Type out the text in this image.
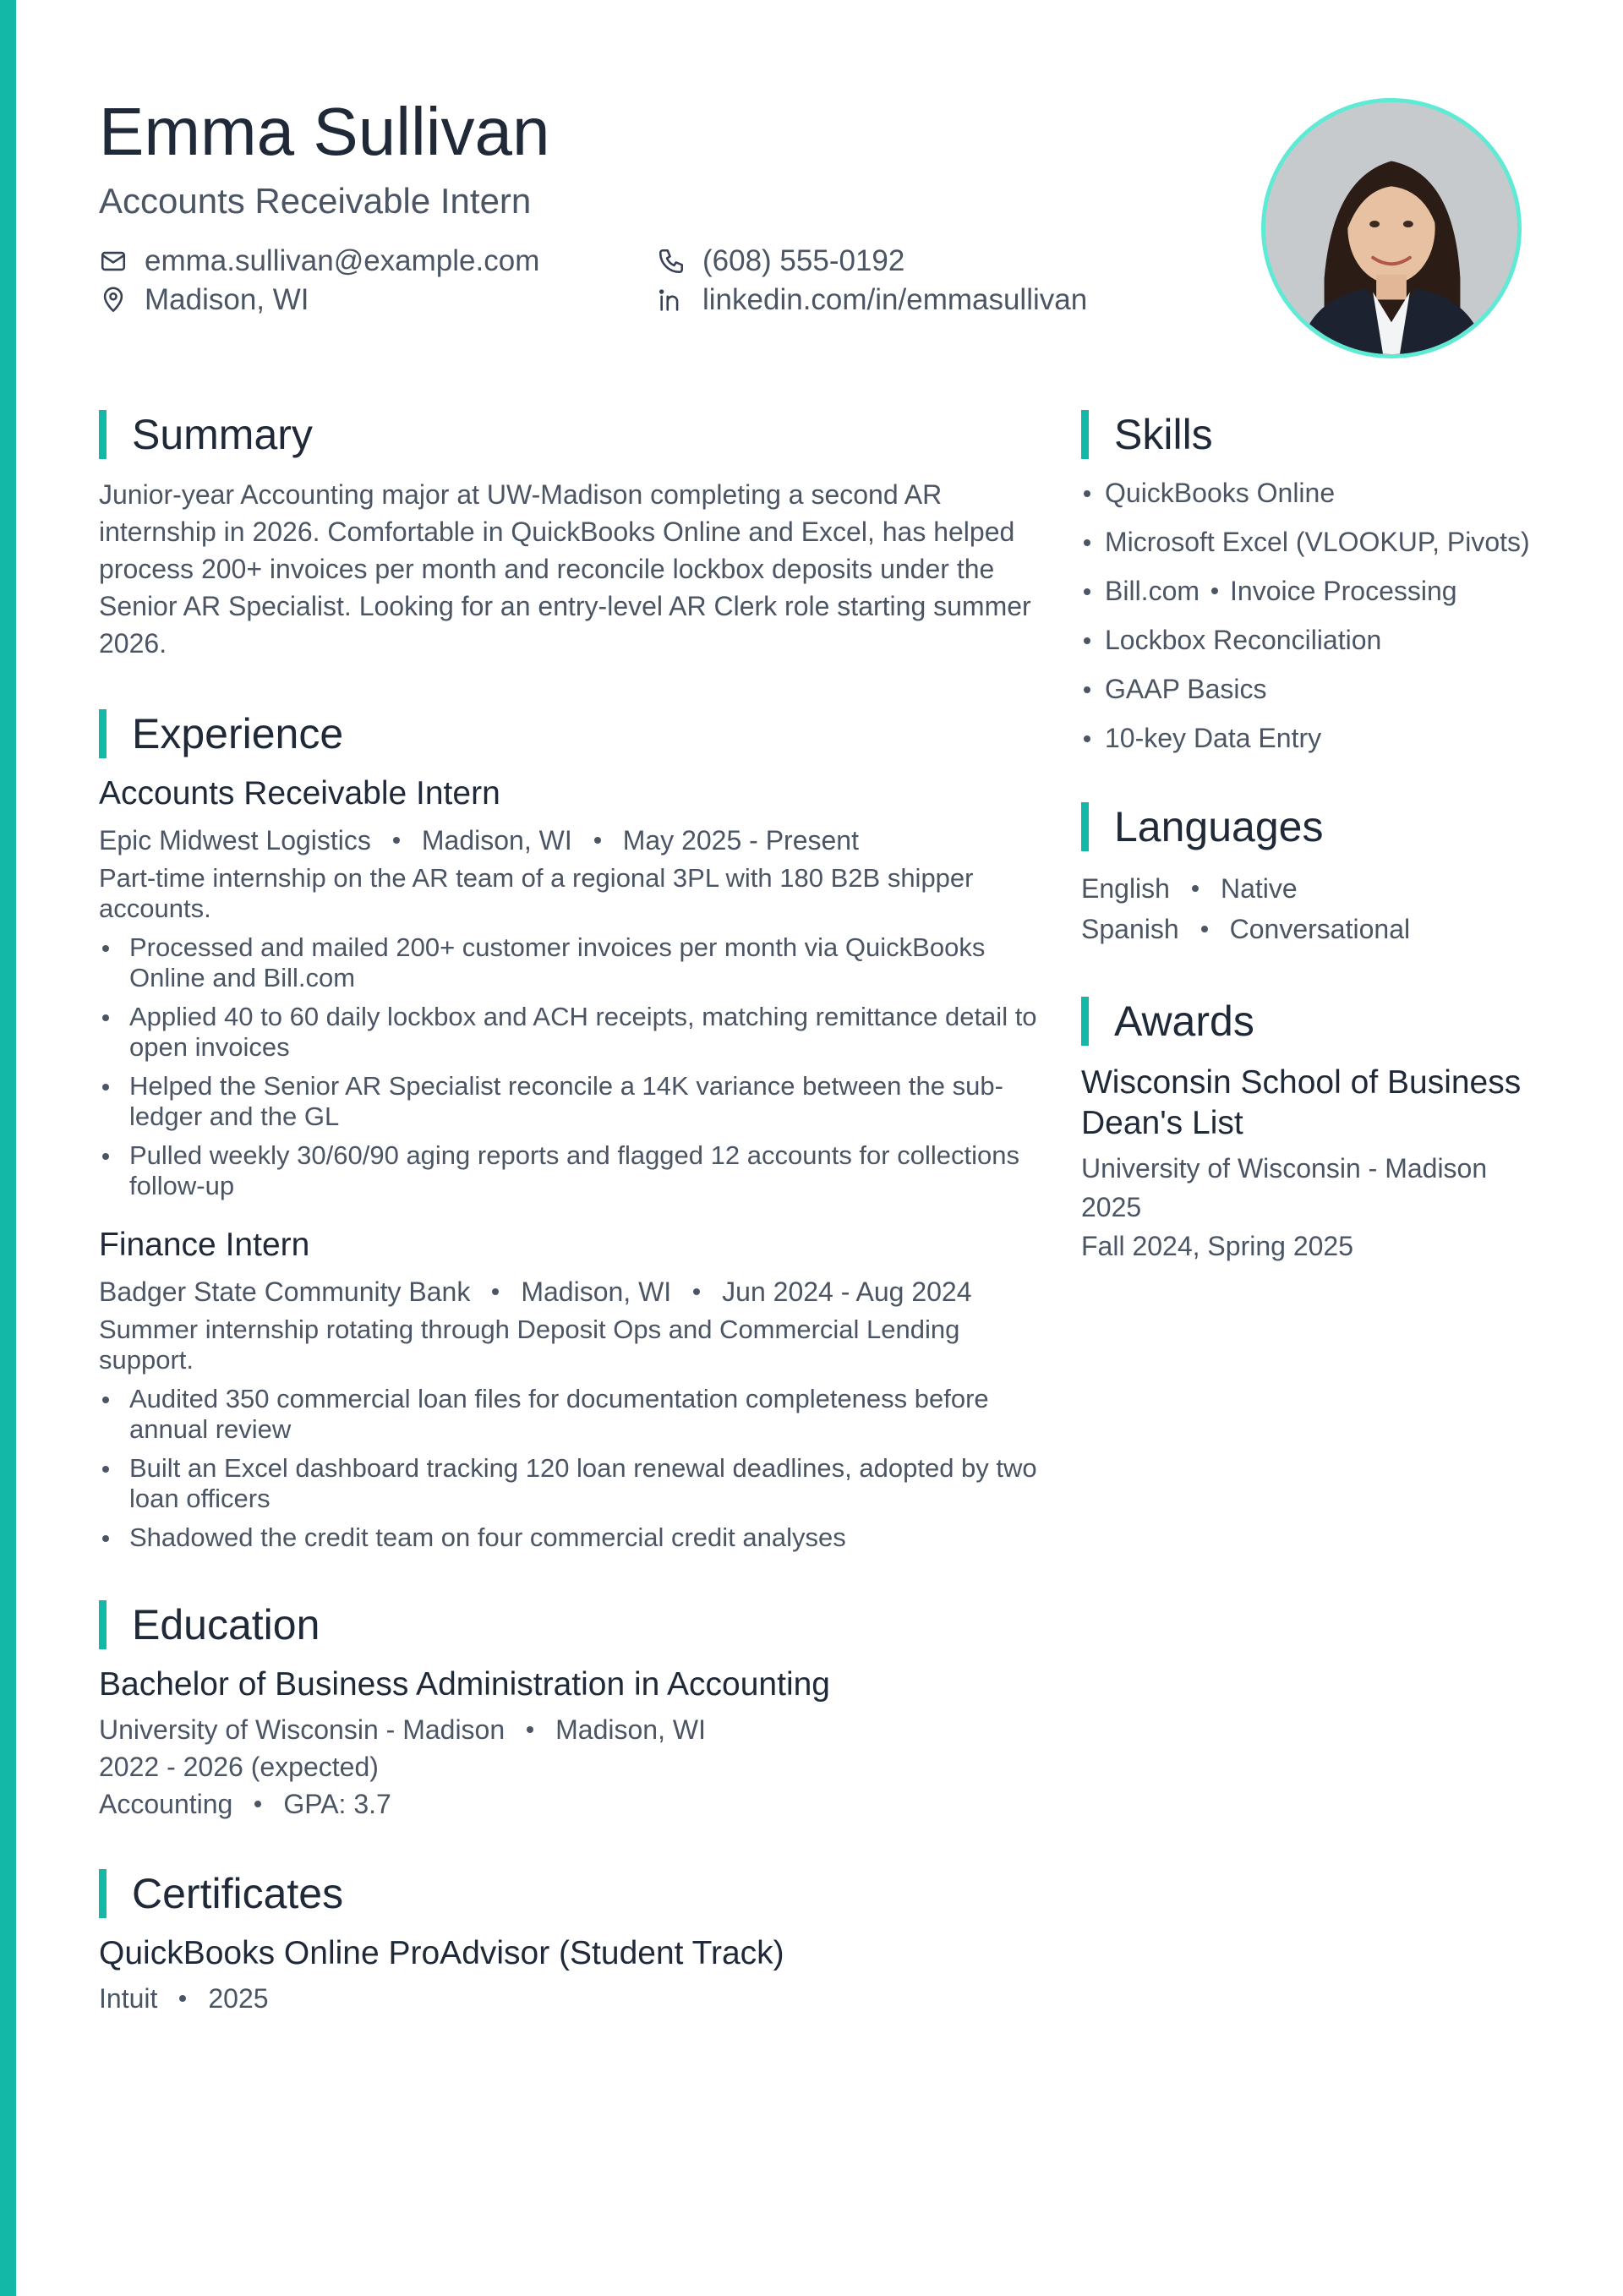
Emma Sullivan
Accounts Receivable Intern
emma.sullivan@example.com	(608) 555-0192
Madison, WI	linkedin.com/in/emmasullivan
Summary
Junior-year Accounting major at UW-Madison completing a second AR internship in 2026. Comfortable in QuickBooks Online and Excel, has helped process 200+ invoices per month and reconcile lockbox deposits under the Senior AR Specialist. Looking for an entry-level AR Clerk role starting summer 2026.
Experience
Accounts Receivable Intern
Epic Midwest Logistics Madison, WI May 2025 - Present
Part-time internship on the AR team of a regional 3PL with 180 B2B shipper accounts.
Processed and mailed 200+ customer invoices per month via QuickBooks Online and Bill.com
Applied 40 to 60 daily lockbox and ACH receipts, matching remittance detail to open invoices
Helped the Senior AR Specialist reconcile a 14K variance between the sub-ledger and the GL
Pulled weekly 30/60/90 aging reports and flagged 12 accounts for collections follow-up
Finance Intern
Badger State Community Bank Madison, WI Jun 2024 - Aug 2024
Summer internship rotating through Deposit Ops and Commercial Lending support.
Audited 350 commercial loan files for documentation completeness before annual review
Built an Excel dashboard tracking 120 loan renewal deadlines, adopted by two loan officers
Shadowed the credit team on four commercial credit analyses
Education
Bachelor of Business Administration in Accounting
University of Wisconsin - Madison Madison, WI
2022 - 2026 (expected)
Accounting GPA: 3.7
Certificates
QuickBooks Online ProAdvisor (Student Track)
Intuit 2025
Skills
QuickBooks Online
Microsoft Excel (VLOOKUP, Pivots)
Bill.com Invoice Processing
Lockbox Reconciliation
GAAP Basics
10-key Data Entry
Languages
English Native
Spanish Conversational
Awards
Wisconsin School of Business Dean's List
University of Wisconsin - Madison
2025
Fall 2024, Spring 2025
